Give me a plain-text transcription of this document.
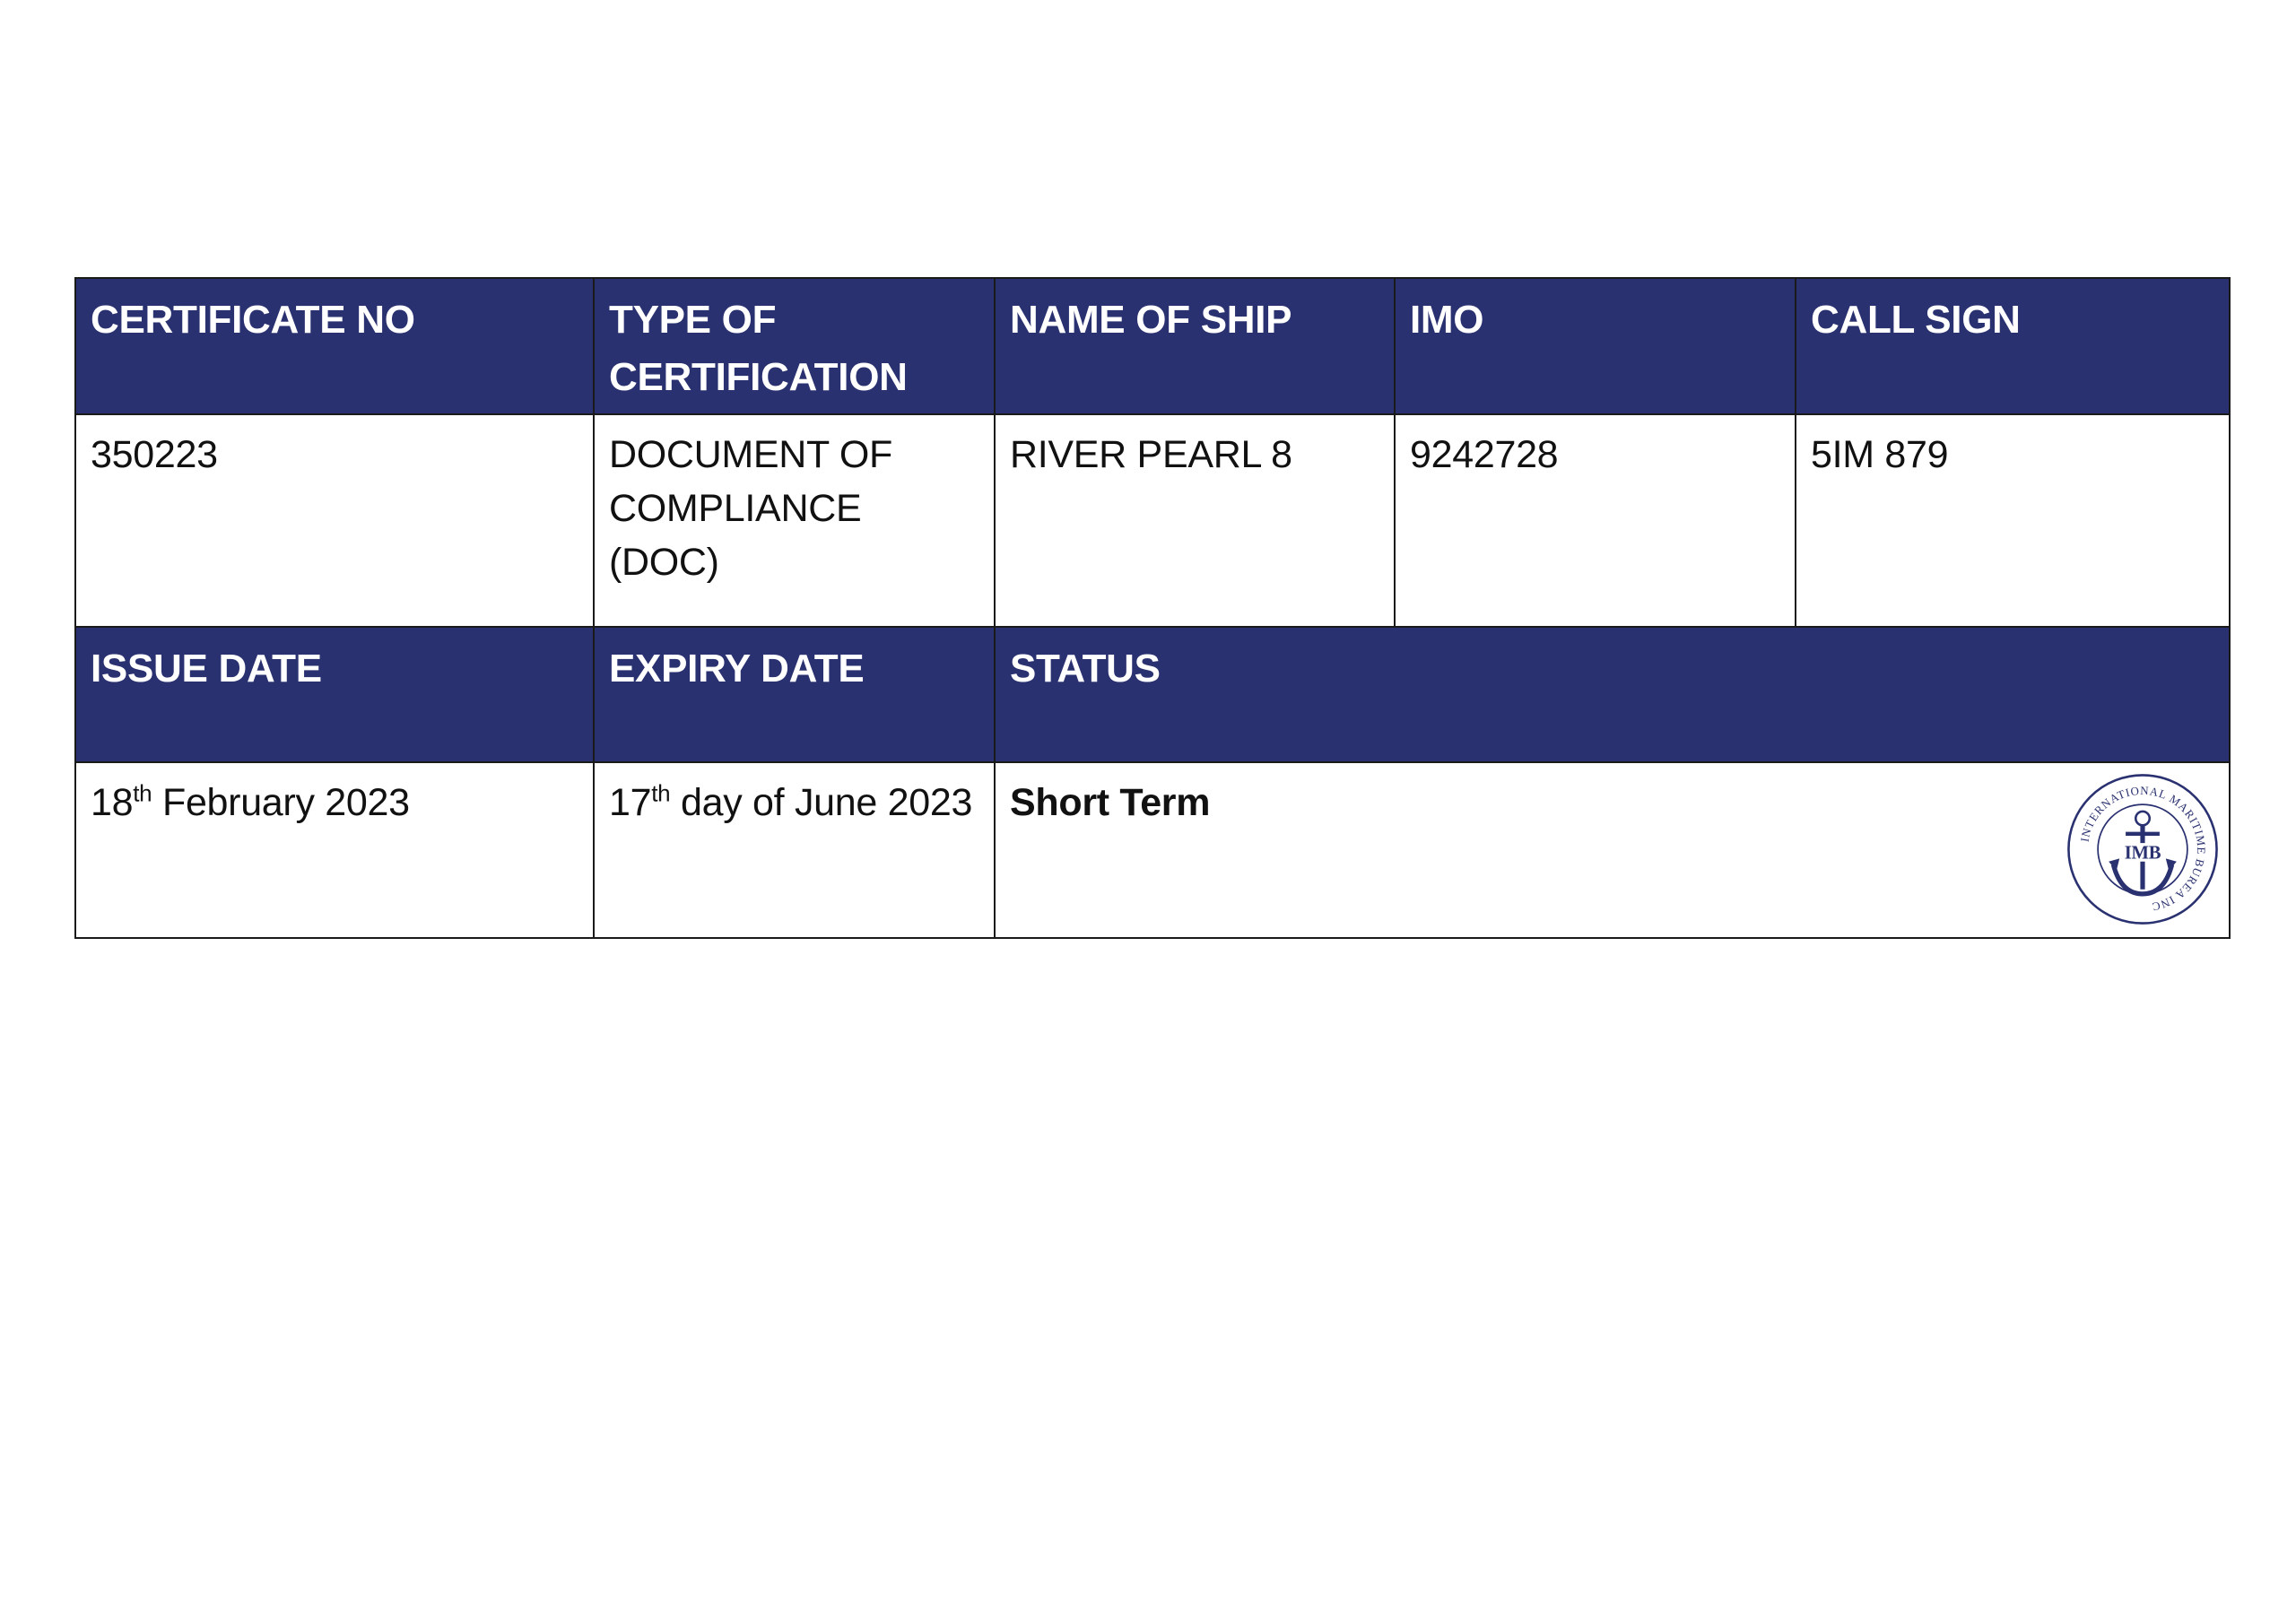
CERTIFICATE NO	TYPE OF CERTIFICATION	NAME OF SHIP	IMO	CALL SIGN
350223	DOCUMENT OF COMPLIANCE (DOC)	RIVER PEARL 8	9242728	5IM 879
ISSUE DATE	EXPIRY DATE	STATUS		
18th February 2023	17th day of June 2023	Short Term
INTERNATIONAL MARITIME BUREA INC
IMB		
